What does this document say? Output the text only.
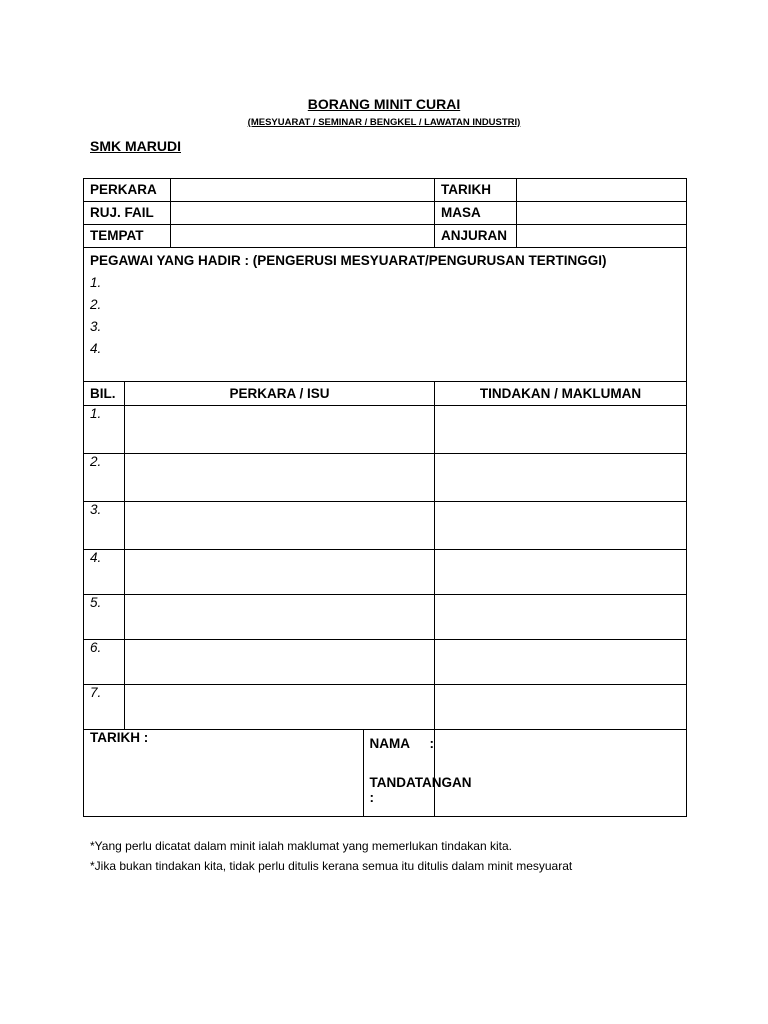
BORANG MINIT CURAI
(MESYUARAT / SEMINAR / BENGKEL / LAWATAN INDUSTRI)
SMK MARUDI
PERKARA			TARIKH	
RUJ. FAIL			MASA	
TEMPAT			ANJURAN	

PEGAWAI YANG HADIR : (PENGERUSI MESYUARAT/PENGURUSAN TERTINGGI)
1.
2.
3.
4.				

BIL.	PERKARA / ISU		TINDAKAN / MAKLUMAN	
1.				
2.				
3.				
4.				
5.				
6.				
7.				
TARIKH :		NAMA :
TANDATANGAN :		

*Yang perlu dicatat dalam minit ialah maklumat yang memerlukan tindakan kita.
*Jika bukan tindakan kita, tidak perlu ditulis kerana semua itu ditulis dalam minit mesyuarat
